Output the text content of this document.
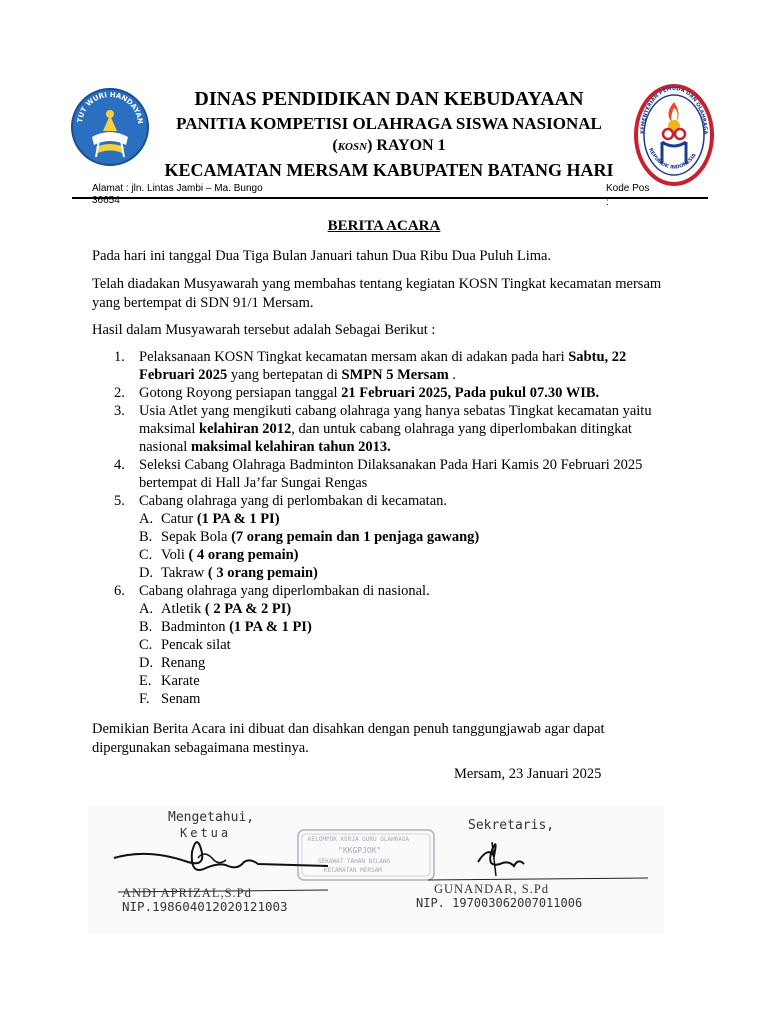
TUT WURI HANDAYAN
DINAS PENDIDIKAN DAN KEBUDAYAAN
PANITIA KOMPETISI OLAHRAGA SISWA NASIONAL
(KOSN) RAYON 1
KECAMATAN MERSAM KABUPATEN BATANG HARI
KEMENTERIAN PEMUDA DAN OLAHRAGA
REPUBLIK INDONESIA
Alamat : jln. Lintas Jambi – Ma. Bungo	Kode Pos :
36654
BERITA ACARA
Pada hari ini tanggal Dua Tiga Bulan Januari tahun Dua Ribu Dua Puluh Lima.
Telah diadakan Musyawarah yang membahas tentang kegiatan KOSN Tingkat kecamatan mersam yang bertempat di SDN 91/1 Mersam.
Hasil dalam Musyawarah tersebut adalah Sebagai Berikut :
1. Pelaksanaan KOSN Tingkat kecamatan mersam akan di adakan pada hari Sabtu, 22 Februari 2025 yang bertepatan di SMPN 5 Mersam .
2. Gotong Royong persiapan tanggal 21 Februari 2025, Pada pukul 07.30 WIB.
3. Usia Atlet yang mengikuti cabang olahraga yang hanya sebatas Tingkat kecamatan yaitu maksimal kelahiran 2012, dan untuk cabang olahraga yang diperlombakan ditingkat nasional maksimal kelahiran tahun 2013.
4. Seleksi Cabang Olahraga Badminton Dilaksanakan Pada Hari Kamis 20 Februari 2025 bertempat di Hall Ja’far Sungai Rengas
5. Cabang olahraga yang di perlombakan di kecamatan.
A. Catur (1 PA & 1 PI)
B. Sepak Bola (7 orang pemain dan 1 penjaga gawang)
C. Voli ( 4 orang pemain)
D. Takraw ( 3 orang pemain)
6. Cabang olahraga yang diperlombakan di nasional.
A. Atletik ( 2 PA & 2 PI)
B. Badminton (1 PA & 1 PI)
C. Pencak silat
D. Renang
E. Karate
F. Senam
Demikian Berita Acara ini dibuat dan disahkan dengan penuh tanggungjawab agar dapat dipergunakan sebagaimana mestinya.
Mersam, 23 Januari 2025
Mengetahui,
Ketua	Sekretaris,
KELOMPOK KERJA GURU OLAHRAGA
"KKGPJOK"
SEKAWAT TAHAN BILANG
KECAMATAN MERSAM
ANDI APRIZAL,S.Pd
NIP.198604012020121003
GUNANDAR, S.Pd
NIP. 197003062007011006
